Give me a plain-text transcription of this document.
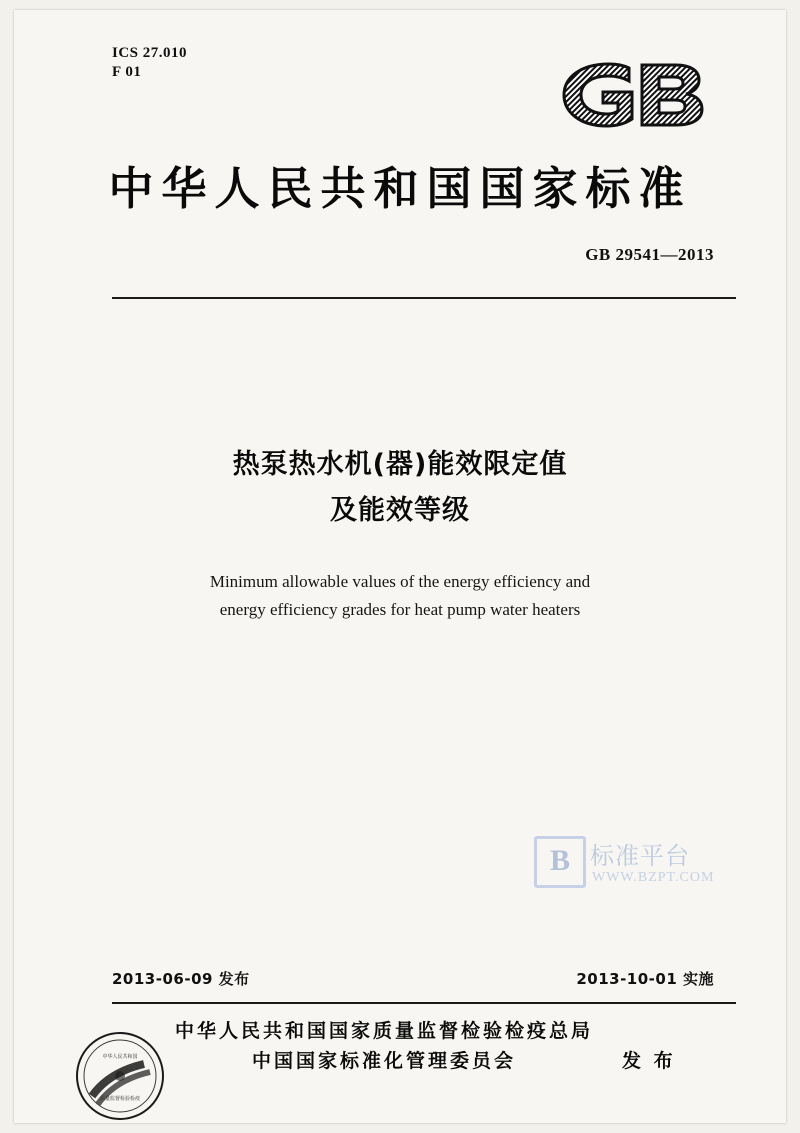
ICS 27.010
F 01
中华人民共和国国家标准
GB 29541—2013
热泵热水机(器)能效限定值
及能效等级
Minimum allowable values of the energy efficiency and
energy efficiency grades for heat pump water heaters
B 标准平台
WWW.BZPT.COM
2013-06-09 发布	2013-10-01 实施
中华人民共和国国家质量监督检验检疫总局
中国国家标准化管理委员会	发 布
中华人民共和国
质量监督检验检疫
